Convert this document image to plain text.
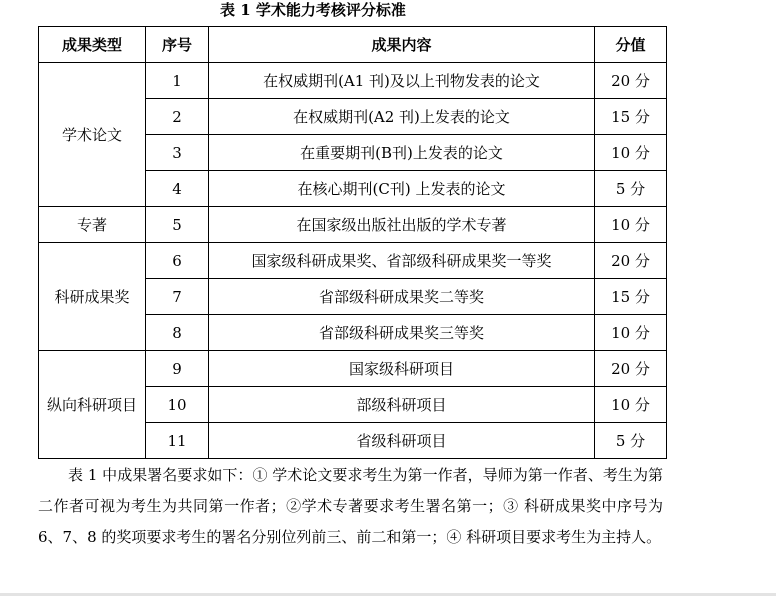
表 1 学术能力考核评分标准
成果类型	序号	成果内容	分值
学术论文	1	在权威期刊(A1 刊)及以上刊物发表的论文	20 分
	2	在权威期刊(A2 刊)上发表的论文	15 分
	3	在重要期刊(B刊)上发表的论文	10 分
	4	在核心期刊(C刊) 上发表的论文	5 分
专著	5	在国家级出版社出版的学术专著	10 分
科研成果奖	6	国家级科研成果奖、省部级科研成果奖一等奖	20 分
	7	省部级科研成果奖二等奖	15 分
	8	省部级科研成果奖三等奖	10 分
纵向科研项目	9	国家级科研项目	20 分
	10	部级科研项目	10 分
	11	省级科研项目	5 分

表 1 中成果署名要求如下：① 学术论文要求考生为第一作者，导师为第一作者、考生为第二作者可视为考生为共同第一作者；②学术专著要求考生署名第一；③ 科研成果奖中序号为 6、7、8 的奖项要求考生的署名分别位列前三、前二和第一；④ 科研项目要求考生为主持人。
